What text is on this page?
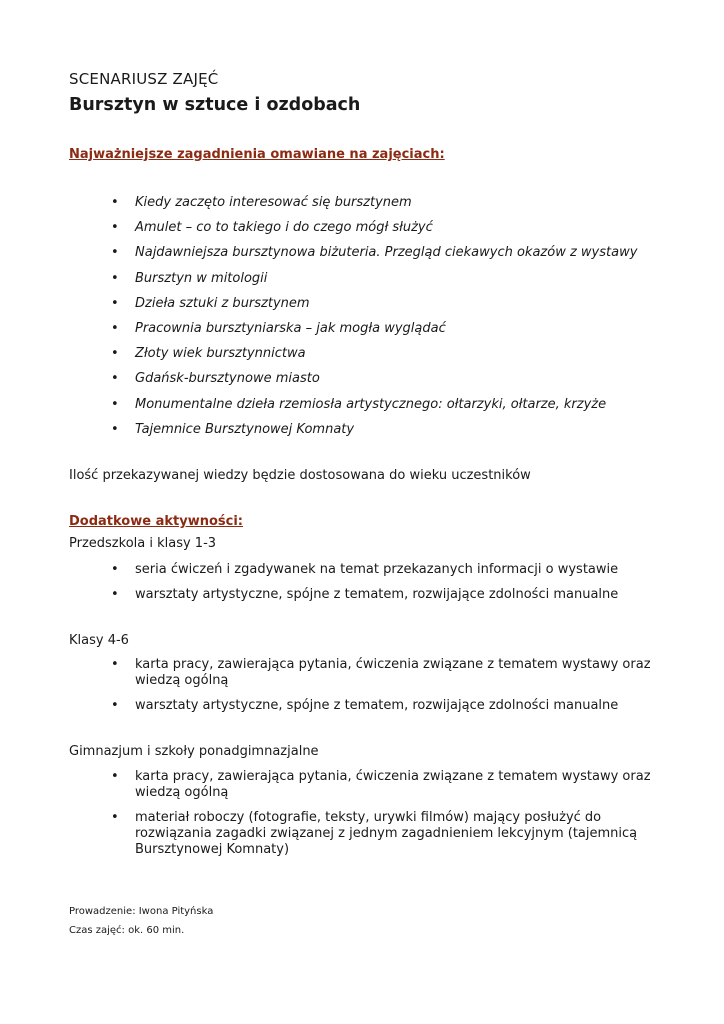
SCENARIUSZ ZAJĘĆ
Bursztyn w sztuce i ozdobach
Najważniejsze zagadnienia omawiane na zajęciach:
• Kiedy zaczęto interesować się bursztynem
• Amulet – co to takiego i do czego mógł służyć
• Najdawniejsza bursztynowa biżuteria. Przegląd ciekawych okazów z wystawy
• Bursztyn w mitologii
• Dzieła sztuki z bursztynem
• Pracownia bursztyniarska – jak mogła wyglądać
• Złoty wiek bursztynnictwa
• Gdańsk-bursztynowe miasto
• Monumentalne dzieła rzemiosła artystycznego: ołtarzyki, ołtarze, krzyże
• Tajemnice Bursztynowej Komnaty
Ilość przekazywanej wiedzy będzie dostosowana do wieku uczestników
Dodatkowe aktywności:
Przedszkola i klasy 1-3
• seria ćwiczeń i zgadywanek na temat przekazanych informacji o wystawie
• warsztaty artystyczne, spójne z tematem, rozwijające zdolności manualne
Klasy 4-6
• karta pracy, zawierająca pytania, ćwiczenia związane z tematem wystawy oraz wiedzą ogólną
• warsztaty artystyczne, spójne z tematem, rozwijające zdolności manualne
Gimnazjum i szkoły ponadgimnazjalne
• karta pracy, zawierająca pytania, ćwiczenia związane z tematem wystawy oraz wiedzą ogólną
• materiał roboczy (fotografie, teksty, urywki filmów) mający posłużyć do rozwiązania zagadki związanej z jednym zagadnieniem lekcyjnym (tajemnicą Bursztynowej Komnaty)
Prowadzenie: Iwona Pityńska
Czas zajęć: ok. 60 min.
